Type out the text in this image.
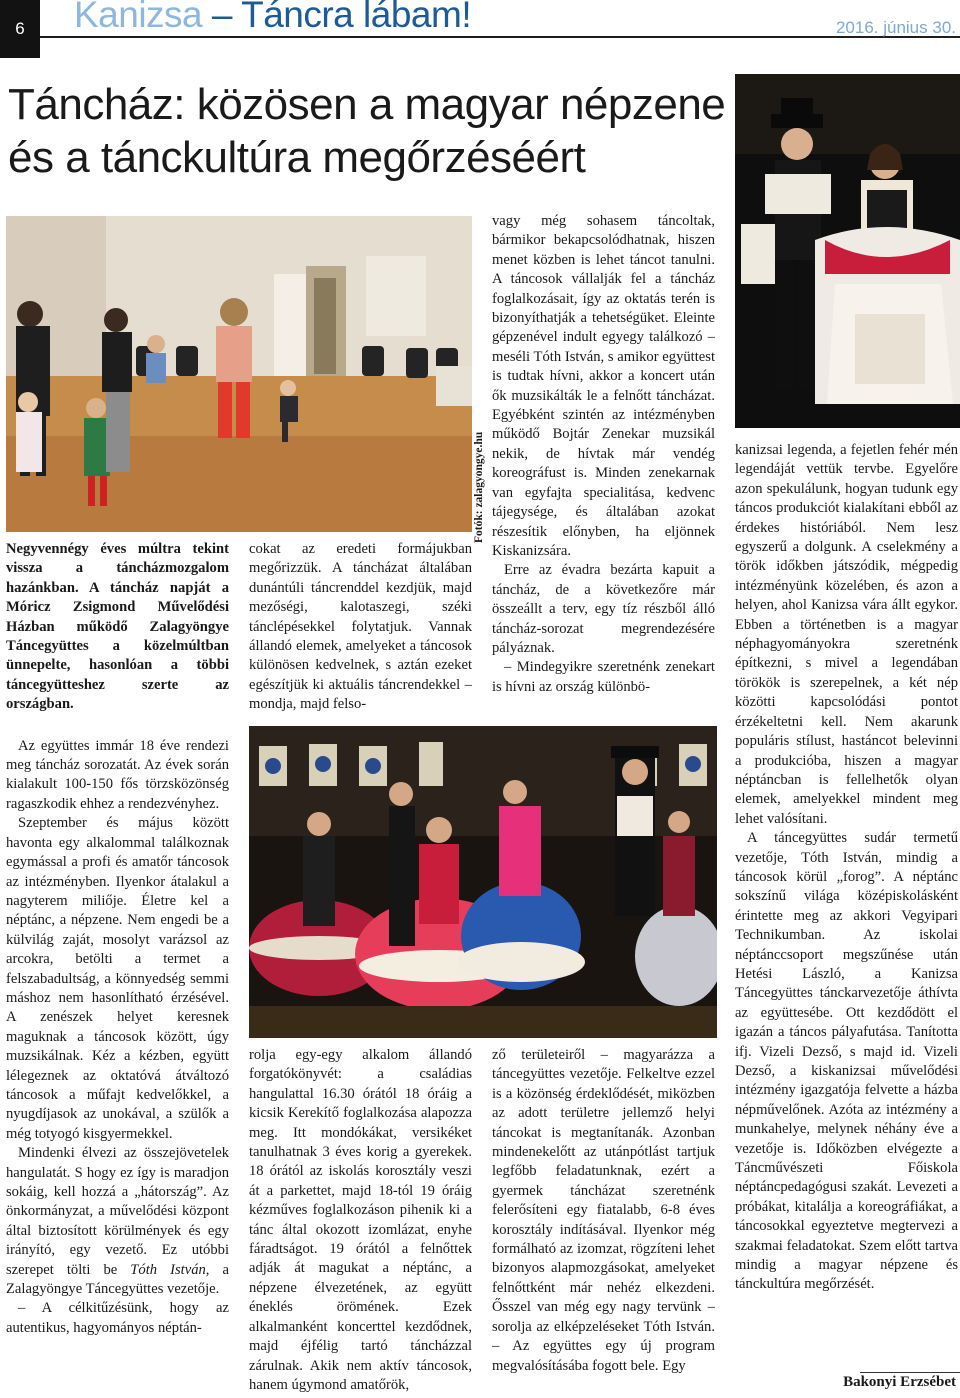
6 Kanizsa – Táncra lábam!	2016. június 30.
Táncház: közösen a magyar népzene
és a tánckultúra megőrzéséért
Fotók: zalagyongye.hu

Negyvennégy éves múltra tekint vissza a táncházmozgalom hazánkban. A táncház napját a Móricz Zsigmond Művelődési Házban működő Zalagyöngye Táncegyüttes a közelmúltban ünnepelte, hasonlóan a többi táncegyütteshez szerte az országban.

Az együttes immár 18 éve rendezi meg táncház sorozatát. Az évek során kialakult 100-150 fős törzsközönség ragaszkodik ehhez a rendezvényhez.

Szeptember és május között havonta egy alkalommal találkoznak egymással a profi és amatőr táncosok az intézményben. Ilyenkor átalakul a nagyterem miliője. Életre kel a néptánc, a népzene. Nem engedi be a külvilág zaját, mosolyt varázsol az arcokra, betölti a termet a felszabadultság, a könnyedség semmi máshoz nem hasonlítható érzésével. A zenészek helyet keresnek maguknak a táncosok között, úgy muzsikálnak. Kéz a kézben, együtt lélegeznek az oktatóvá átváltozó táncosok a műfajt kedvelőkkel, a nyugdíjasok az unokával, a szülők a még totyogó kisgyermekkel.

Mindenki élvezi az összejövetelek hangulatát. S hogy ez így is maradjon sokáig, kell hozzá a „hátország”. Az önkormányzat, a művelődési központ által biztosított körülmények és egy irányító, egy vezető. Ez utóbbi szerepet tölti be Tóth István, a Zalagyöngye Táncegyüttes vezetője.

– A célkitűzésünk, hogy az autentikus, hagyományos néptán-

cokat az eredeti formájukban megőrizzük. A táncházat általában dunántúli táncrenddel kezdjük, majd mezőségi, kalotaszegi, széki tánclépésekkel folytatjuk. Vannak állandó elemek, amelyeket a táncosok különösen kedvelnek, s aztán ezeket egészítjük ki aktuális táncrendekkel – mondja, majd felso-

rolja egy-egy alkalom állandó forgatókönyvét: a családias hangulattal 16.30 órától 18 óráig a kicsik Kerekítő foglalkozása alapozza meg. Itt mondókákat, versikéket tanulhatnak 3 éves korig a gyerekek. 18 órától az iskolás korosztály veszi át a parkettet, majd 18-tól 19 óráig kézműves foglalkozáson pihenik ki a tánc által okozott izomlázat, enyhe fáradtságot. 19 órától a felnőttek adják át magukat a néptánc, a népzene élvezetének, az együtt éneklés örömének. Ezek alkalmanként koncerttel kezdődnek, majd éjfélig tartó táncházzal zárulnak. Akik nem aktív táncosok, hanem úgymond amatőrök,

vagy még sohasem táncoltak, bármikor bekapcsolódhatnak, hiszen menet közben is lehet táncot tanulni. A táncosok vállalják fel a táncház foglalkozásait, így az oktatás terén is bizonyíthatják a tehetségüket. Eleinte gépzenével indult egyegy találkozó – meséli Tóth István, s amikor együttest is tudtak hívni, akkor a koncert után ők muzsikálták le a felnőtt táncházat. Egyébként szintén az intézményben működő Bojtár Zenekar muzsikál nekik, de hívtak már vendég koreográfust is. Minden zenekarnak van egyfajta specialitása, kedvenc tájegysége, és általában azokat részesítik előnyben, ha eljönnek Kiskanizsára.

Erre az évadra bezárta kapuit a táncház, de a következőre már összeállt a terv, egy tíz részből álló táncház-sorozat megrendezésére pályáznak.

– Mindegyikre szeretnénk zenekart is hívni az ország különbö-

ző területeiről – magyarázza a táncegyüttes vezetője. Felkeltve ezzel is a közönség érdeklődését, miközben az adott területre jellemző helyi táncokat is megtanítanák. Azonban mindenekelőtt az utánpótlást tartjuk legfőbb feladatunknak, ezért a gyermek táncházat szeretnénk felerősíteni egy fiatalabb, 6-8 éves korosztály indításával. Ilyenkor még formálható az izomzat, rögzíteni lehet bizonyos alapmozgásokat, amelyeket felnőttként már nehéz elkezdeni. Ősszel van még egy nagy tervünk – sorolja az elképzeléseket Tóth István. – Az együttes egy új program megvalósításába fogott bele. Egy

kanizsai legenda, a fejetlen fehér mén legendáját vettük tervbe. Egyelőre azon spekulálunk, hogyan tudunk egy táncos produkciót kialakítani ebből az érdekes históriából. Nem lesz egyszerű a dolgunk. A cselekmény a török időkben játszódik, mégpedig intézményünk közelében, és azon a helyen, ahol Kanizsa vára állt egykor. Ebben a történetben is a magyar néphagyományokra szeretnénk építkezni, s mivel a legendában törökök is szerepelnek, a két nép közötti kapcsolódási pontot érzékeltetni kell. Nem akarunk populáris stílust, hastáncot belevinni a produkcióba, hiszen a magyar néptáncban is fellelhetők olyan elemek, amelyekkel mindent meg lehet valósítani.

A táncegyüttes sudár termetű vezetője, Tóth István, mindig a táncosok körül „forog”. A néptánc sokszínű világa középiskolásként érintette meg az akkori Vegyipari Technikumban. Az iskolai néptánccsoport megszűnése után Hetési László, a Kanizsa Táncegyüttes tánckarvezetője áthívta az együttesébe. Ott kezdődött el igazán a táncos pályafutása. Tanította ifj. Vizeli Dezső, s majd id. Vizeli Dezső, a kiskanizsai művelődési intézmény igazgatója felvette a házba népművelőnek. Azóta az intézmény a munkahelye, melynek néhány éve a vezetője is. Időközben elvégezte a Táncművészeti Főiskola néptáncpedagógusi szakát. Levezeti a próbákat, kitalálja a koreográfiákat, a táncosokkal egyeztetve megtervezi a szakmai feladatokat. Szem előtt tartva mindig a magyar népzene és tánckultúra megőrzését.

Bakonyi Erzsébet
